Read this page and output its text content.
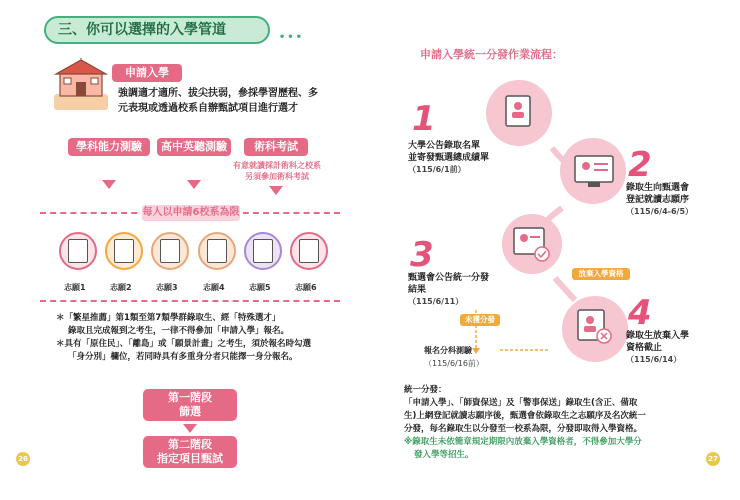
三、你可以選擇的入學管道	•••
申請入學
強調適才適所、拔尖扶弱，參採學習歷程、多
元表現或透過校系自辦甄試項目進行選才
學科能力測驗	高中英聽測驗	術科考試
有意就讀採計術科之校系
另須參加術科考試
每人以申請6校系為限
志願1	志願2	志願3	志願4	志願5	志願6
＊「繁星推薦」第1類至第7類學群錄取生、經「特殊選才」
錄取且完成報到之考生，一律不得參加「申請入學」報名。
＊具有「原住民」、「離島」或「願景計畫」之考生，須於報名時勾選
「身分別」欄位，若同時具有多重身分者只能擇一身分報名。
第一階段
篩選
第二階段
指定項目甄試
26
申請入學統一分發作業流程：
1
大學公告錄取名單
並寄發甄選總成績單
（115/6/1前）	2
錄取生向甄選會
登記就讀志願序
（115/6/4-6/5）
3
甄選會公告統一分發
結果
（115/6/11）	4
錄取生放棄入學
資格截止
（115/6/14）
放棄入學資格
未獲分發
報名分科測驗
（115/6/16前）
統一分發：
「申請入學」、「師資保送」及「警事保送」錄取生(含正、備取
生)上網登記就讀志願序後，甄選會依錄取生之志願序及名次統一
分發，每名錄取生以分發至一校系為限，分發即取得入學資格。
※錄取生未依簡章規定期限內放棄入學資格者，不得參加大學分
發入學等招生。	27
